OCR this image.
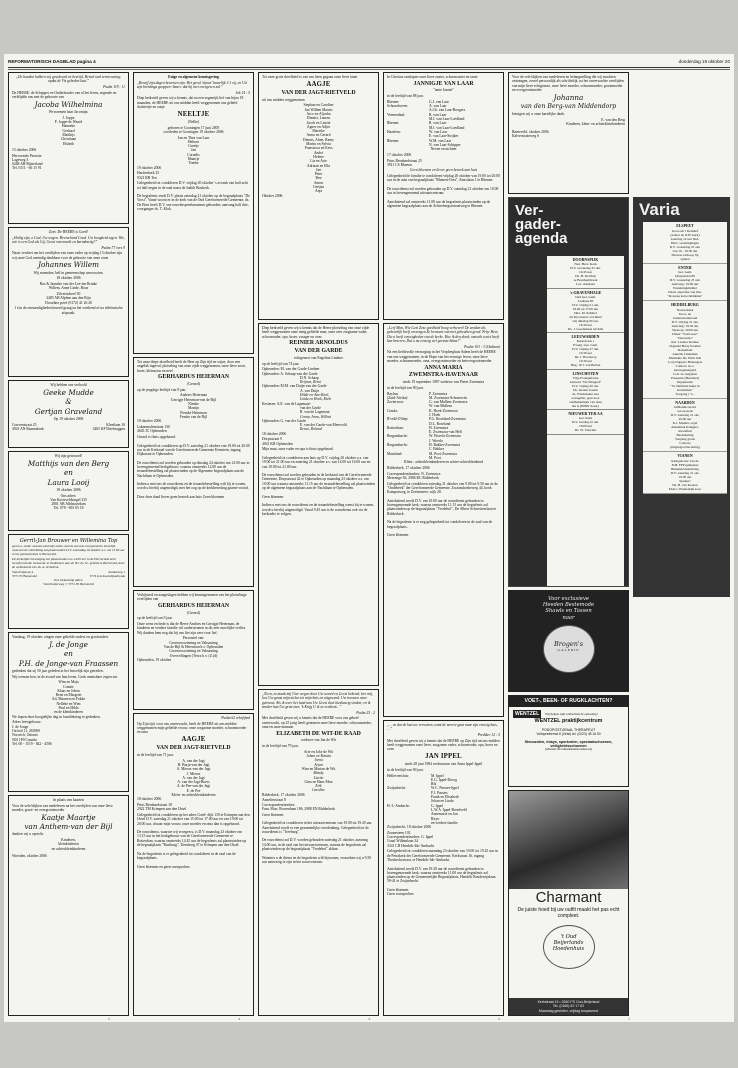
REFORMATORISCH DAGBLAD pagina 4	donderdag 19 oktober 20

„De banden hebben wij gescheurd en bevrijd, Hemel und vernieuwing; opdat de Vis gebeden laat.”

Psalm 119 : 11

De HEERE, de Schepper en Onderhouder van al het leven, zegende en verblijdde ons met de geboorte van

Jacoba Wilhelmina

We noemen haar Jacomijn.

J. Joppe
F. Joppe-de Waard
Hanneke
Gerhard
Matthijs
Christiaan
Elsbeth

15 oktober 2006

Hervormde Pastorie
Lageweg 3
6268 AH Bijsterland
Tel. 0111 - 66 15 91

Zoet. De HEERE is Goed!

„Heilig zijn, o God, Uw wegen. Heerschend Goed. Uw hoogheid tegen. Wie, wie is een God als Gij, Groot van macht en barmhartig?”

Psalm 77 vers 9

Naast verdriet om het overlijden van onze vader op vrijdag 13 oktober zijn wij onze God oneindig dankbaar voor de geboorte van onze zoon

Johannes Willem

Wij noemden Joël in gemeenschap onvoorzien.

18 oktober 2006

Bas & Janneke van der Lee-ten Brinke
Willem, Anne Linde, Boaz

Zilvertsdreef 50
2485 AB Alphen aan den Rijn
Dorothea privé (0172) 41 26 20

1 t/m de omstandigheden beroed graag na het weekend of na telefonische afspraak.

Wij hebben ons verloofd

Geeke Mudde
&
Gertjan Graveland

Op 19 oktober 2006

Cortvenstraat 25
4941 AN Raamsdonk
Kleetlaan 10
3465 KP Driebruggen

Wij zijn getrouwd!

Matthijs van den Berg
en
Laura Looij

18 oktober 2006

Ons adres:
Van Koetsveldsingel 235
2801 AB Alblasserdam
Tel. 078 - 693 05 18

Gerrit-Jan Brouwer en Willemina Top

geven u, onder zwenste zuid-bijs nathe, kennis van hun voorgenomen huwelijk, waarvan de voltrekking zal plaatsvinden D.V. woensdag 18 oktober a.s. om 13.00 uur in het gemeentehuis te Barneveld.

De kerkelijke bevestiging zal plaatsvinden om 14.00 uur in de Hervormde kerk Gereformeerde Gemeente te Oudebuurt aan de Ver. ds. Sc. geleide te Barneveld, door de welbekende hen ds. A. Schultink.

Vanaf Opdorp 4
3771 PJ Barneveld
Zuiderweg 1
3774 GA Kootwijkerbroek

Ons toekomstig adres:
Voorthuizerweg 7, 3772 PL Barneveld

Vandaag, 19 oktober, zingen onze geliefde ouders en grootouders

J. de Jonge
en
P.H. de Jonge-van Fraassen

gedenken dat zij 50 jaar geleden in het huwelijk zijn getreden.

Wij wensen hen, in de avond van hun leven, Gods onmisbare zegen toe.

Wim en Maja
Connie
Klaas en Johan
Rene en Margriet
Ad, Maarten en Fokke
Nelleke en Wim
Paul en Hilda
en de kleinkinderen

We hopen deze hoogtelijke dag in familiekring te gedenken.

Adres feestgebouw:
J. de Jonge
Oxford 11, 263969
Norwich, Ontario
N0J 1P0 Canada
Tel. 00 - 1519 - 842 - 4506

In plaats van kaarten

Voor de vele blijken van medeleven na het overlijden van onze lieve moeder, groot- en overgrootmoeder

Kaatje Maartje
van Anthem-van der Bijl

danken wij u oprecht.

Kinderen,
kleinkinderen
en achterkleinkinderen

Woerden, oktober 2006

Enige en algemene kennisgeving

„Bewijf zijn dagen bewenen zijn. Het geval 'zijnen' huwelijk 3:1 zij, en Uit zijn breidings geoppen- baart: dat hij niet overgeven zal.”

Job 14 : 5

Diep bedroefd geven wij u kennis, dat na een zegenrijk lief van bijna 18 maanden, de HEERE uit ons midden heeft weggenomen ons geliefd dochtertje en zusje

NEELTJE

(Nellie)

geboren te Groningen 17 juni 2005
overleden te Groningen 19 oktober 2006

Jan en Thea van Laar
Hebron
Greetje
Jan
Cornelis
Maartje
Tineke

19 oktober 2006

Hardenbork 25
9321 RB Ten

Gelegenheid tot condoleren D.V. vrijdag 20 oktober 's avonds van half acht tot half negen in de zaal naast de Judith Boukerk.

De begrafenis vindt D.V. plaats zaterdag 21 oktober op de begraafplaats "De Vorst". Vanaf woont er in de kerk van de Oud Gereformeerde Gemeente, ds. De Boer heeft D.V. ons rouwbespreekmoment gehouden, aanvang half drie, voorganger ds. T. Klok.

Tot onze diepe droefheid heeft de Heer op Zijn tijd en wijze, door een ongeluk ingeval, plotseling van onze zijde weggenomen, onze lieve zoon, broer, kleinzoon en neef

GERHARDUS HEIERMAN

(Gerard)

op de jeugdige leeftijd van 9 jaar.

Andries Heierman
Gerrigje Heierman-van de Bijl
Nienke
Martijn
Fiemke Heierman
Femke van de Bijl

19 oktober 2006

Lakenmolenstraat 130
4645 JC Opheusden

Gerard is thuis opgebaard.

Gelegenheid tot condoleren op D.V. zaterdag 21 oktober van 19.00 tot 20.00 uur in de Kerkzaal van de Gereformeerde Gemeente Eemstein, ingang Dijkstraat te Opheusden.

De rouwdienst zal worden gehouden op dinsdag 24 oktober om 14.00 uur in bovengenoemd kerkgebouw, waarna omstreeks 12.00 uur de teraardebestelling zal plaatsvinden op de Algemene begraafplaats aan de Nachtlaan te Opheusden.

Indien u met ons de rouwdienst en de teraardebestelling wilt bij te wonen, wordt u hierbij uitgenodigd, met het oog op de kerkbezetting gaarne vooraf.

Door deze daad liever geen bezoek aan huis Geen bloemen

Verbijsterd en aangeslagen hebben wij kennisgenomen van het plotselinge overlijden van

GERHARDUS HEIERMAN

(Gerard)

op de leeftijd van 9 jaar.

Onze wens en bede is dat de Heere Andries en Gerrigje Heierman, de kinderen en verdere familie wil ondersteunen in dit zeer moeilijke verlies. Wij danken hem nog dat hij ons liet zijn zeer voor lief.

Personeel van:
Groenvoorziening en Vaksauting
Van de Bijl & Heierman b.v. Opheusden
Groenvoorziening en Vaksauting
Overvellingen (Teora b.v. (Z.)d)

Opheusden, 19 oktober

Psalm 62 rebefijmd

Op Zijn tijd, voor ons onverwacht, heeft de HEERE uit ons midden weggenomen mijn geliefde vrouw, onze zorgzame moeder, schoonmoeder en oma

AAGJE
VAN DER JAGT-RIETVELD

in de leeftijd van 71 jaar.

A. van der Jagt
H. Burja-van der Jagt
A. Mieras-van der Jagt
J. Mieras
A. van der Jagt
A. van der Jagt-Boers
A. de Pee-van der Jagt
E. de Pee
Klein- en achterkleinkinderen

18 oktober 2006

Prins Bernhardstraat 18
2922 TM Krimpen aan den IJssel

Gelegenheid tot condoleren op het adres Goed- dijk 139 te Krimpen aan den IJssel D.V. zaterdag 21 oktober van 15.00 tot 17.00 uur en van 19.00 tot 20.00 uur, alwaar mijn vrouw, onze moeder en oma dan is opgebaard.

De rouwdienst, waartoe wij vroegen u, is D.V. maandag 23 oktober om 13.15 uur in het kerkgebouw van de Gereformeerde Gemeente te Rotterdam, waarna omstreeks 14.45 uur de begrafenis zal plaatsvinden op de begraafplaats "Rustburg", Tiendweg 47 te Krimpen aan den IJssel.

Na de begrafenis is er gelegenheid tot condoleren in de zaal van de begraafplaats.

Geen bloemen en geen rouwproben

Tot onze grote droefheid is van ons heen gegaan onze lieve tante

AAGJE
VAN DER JAGT-RIETVELD

uit ons midden weggenomen.

Stephan en Caroline
Jan Willem Maarts
Arco en Aljosha
Dimitri, Lauren
Jacob en Lisette
Agnes en Adjes
Marieke
Arma en Gerard
Dennis, Aline, Ramy
Martin en Sylvia
Fransissca en Kess
André
Helene
Lia en Arie
Adriaan en Ella
Jan
Peter
Ben
Anton
Gertjan
Anja

Oktober 2006

Diep bedroefd geven wij u kennis dat de Heere plotseling van onze zijde heeft weggenomen onze innig geliefde man, onze zeer zorgzame vader, schoonvader, opa, broer, zwager en oom

REINIER ARNOLDUS
VAN DER GARDE

echtgenoot van Engelina Lindner

op de leeftijd van 74 jaar.

Opheusden: M. van der Garde-Lindner
Opheusden: A. Schaap-van der Garde
D.N. Schaap
Krijnen, Reini
Opheusden: M.M. van Duijn-van der Garde
A. van Duijn
Hilde-en-Ans-Kirel,
Linda en Henk, Riels
Kesteren: A.E. van de Lagemaat-
van der Garde
R. van de Lagemaat
Cenna, Arna, Willent
Opheusden: G. van der Garde
E. van der Garde-van Meervold
Renco, Roland

18 oktober 2006

Dorpsstraat 9
4041 KR Opheusden

Mijn man, onze vader en opa is thuis opgebaard.

Gelegenheid tot condoleren aan huis op D.V. vrijdag 20 oktober a.s. van 19.00 tot 21.00 uur en zaterdag 21 oktober a.s. van 14.00 tot 16.00 uur en van 19.00 tot 21.00 uur.

De rouwdienst zal worden gehouden in de kerkzaal van de Gereformeerde Gemeente, Dorpsstraat 42 te Opheusden op maandag 23 oktober a.s. om 10.00 uur waarna omstreeks 11.15 uur de teraardebestelling zal plaatsvinden op de algemene begraafplaats aan de Nachtlaan te Opheusden.

Geen bloemen

Indien u met ons de rouwdienst en de teraardebestelling wenst bij te wonen, wordt u hierbij uitgenodigd. Vanaf 9.45 uur is de rouwdienst ook via de kerkradio te volgen.

„Neen, zo maak mij Uwe wegen door Uw woord en Geest bekend; leer mij, hoe Uw gunst mijn zielen tot mijn huis en uitgewend. Uw troosten ware getroost: Als ik weer het land aan Uw Geest doet kieskeurig vinden; en ik zonder hun Uw grim zien. 'k Krijg U ik zo verdient...”

Psalm 25 : 2

Met droefheid geven wij u kennis dat de HEERE voor ons geheel onverwacht, op 25 jarig heeft genomen onze lieve moeder, schoonmoeder, oma en onze mamaat

ELIZABETH DE WIT-DE RAAD

weduwe van Jan de Wit

in de leeftijd van 79 jaar.

Arie en Joke de Wit
Johan en Renata
Jorna
Arjan
Wim en Marian de Wit
Mandy
Lisette
Gina en Hans Mon
Erik
Caroline

Ridderkerk, 17 oktober 2006

Anneliesstraat 8
Correspondentieadres:
Fam. Mon, Rossenlaan 186, 2988 EN Ridderkerk

Geen bloemen

Gelegenheid tot condoleren in het uitvaartcentrum van 19.00 tot 19.45 uur. Aansluitend wordt er een gezamenlijke overdenking. Gelegenheid tot de rouwdienst is "Treeburg".

De rouwdienst zal D.V. worden gehouden zaterdag 21 oktober, aanvang 14.00 uur, in de zaal van het uitvaartcentrum, waarna de begrafenis zal plaatsvinden op de begraafplaats "Vredehof" aldaar.

Wanneer u de dienst en de begrafenis wilt bijwonen, verzoeken wij u 9.50 uur aanwezig te zijn in het rouwcentrum.

In Christus ontslapen onze lieve zuster, schoonzuster en tante

JANNIGJE VAN LAAR

"tante Jannie"

in de leeftijd van 88 jaar.

Rhenen:	G.J. van Laar
Schoonhoven:	A. van Laar
A.Ch. van Laar-Boogers
Veenendaal:	R. van Laar
M.I. van Laar-Loedland
Rhenen:	R. van Laar
M.I. van Laar-Loedland
Haarlem:	W. van Laar
E. van Laar-Strijker
Rhenen:	W.M. van Laar
N. van Laar-Schipper

Neven en nichten

17 oktober 2006

Prins Bernhardstraat 25
3911 CS Rhenen

Geen bloemen en liever geen bezoek aan huis

Gelegenheid de familie te condoleren vrijdag 20 oktober van 19.00 tot 20.00 uur in de aula van begraafplaats "Rhenen-Oost", Amrolaan 1 te Rhenen.

De rouwdienst zal worden gehouden op D.V. zaterdag 21 oktober om 10.00 uur in bovengenoemd uitvaartcentrum.

Aansluitend zal omstreeks 11.00 uur de begrafenis plaatsvinden op de algemene begraafplaats aan de Achterbergsestraatweg te Rhenen.

„Leef Mon, Wie Gezi Zeze goedheid hoog verheven! De zenden als gebeurlijk heeft verzorgen Ze bewaart van niet gebruiken geval. Prije Heer, Die u heeft eeuwigheden van de kerke. Hoe ik den dood; smooth u niet heeft kan broeren, Dat u na eeuwig wel geruste blaas!”

Psalm 103 : 3 (Outbum)

Na een liefdevolle verzorging in het Verpleeghuis Salem heeft de HEERE van ons weggenomen, in de Hope van het eeuwige leven, onze lieve moeder, schoonmoeder, oma, overgrootmoeder en betovergrootmoeder

ANNA MARIA
ZWEMSTRA-HAVENAAR

sinds 19 september 1987 weduwe van Pieter Zwemstra

in de leeftijd van 90 jaar.

Bayhus
(Zuid-Afrika):
P. Zwemstra
M. Zwemstra-Schonewits
Zoeterwou:	G. van Mullem-Zwemstra
W. van Mullem
Gouda:	K. Hoek-Zwemstra
J. Hoek
B'veld-O'diep:	P.G. Roseland-Zwemstra
D.L. Roseland
Rotterdam:	H. Zwemstra
E. Zwemstra-van Hell
Bergambacht:	W. Woerlo-Zwemstra
J. Woerlo
Bergambacht:	H. Bakker-Zwemstra
C. Bakker
Maasland:	M. Poot-Zwemstra
M. Poot

Klein-, achterkleinkinderen en achter-achterkleinkind

Ridderkerk, 17 oktober 2006

Correspondentieadres: N. Zwemstra
Meerenge 56, 2986 RC Ridderkerk

Gelegenheid tot condoleren zaterdag 21 oktober van 9.00 tot 9.50 uur in de "Ondebeek" der Gereformeerde Gemeente, Zwaanshoekeweg 44, hoek Kompasweg, te Zoetermeer, wijk 28.

Aansluitend wordt D.V. om 10.00 uur de rouwdienst gehouden in bovengenoemde kerk, waarna omstreeks 11.15 uur de begrafenis zal plaatsvinden op de begraafplaats "Vredehof", De Albert Schweitzerlaan te Ridderkerk.

Na de begrafenis is er nog gelegenheid tot condoleren in de zaal van de begraafplaats.

Geen bloemen

„... en dat de last uw verwaren, want de merrie gaat naar zijn eeuwig huis, ...”

Prediker 12 : 5

Met droefheid geven wij u kennis dat de HEERE op Zijn tijd uit ons midden heeft weggenomen onze lieve, zorgzame vader, schoonvader, opa, broer en oom

JAN IPPEL

sinds 28 juni 1984 weduwnaar van Anna Ippel-Ippel

in de leeftijd van 90 jaar.

Hellevoetsluis:	M. Ippel
E.G. Ippel-Droog
Rik
Zwijndrecht:	W.C. Passies-Ippel
F.J. Passies
Frank en Elisabeth
Johan en Linda
H.-I.-Ambacht:	G. Ippel
L.W.A. Ippel-Breedveld
Annemarie en Jan
Riryo
en verdere familie

Zwijndrecht, 18 oktober 2006

Zonnesteen 102
Correspondentieadres: G. Ippel
Graaf Willemlaan 34
3341 CB Hendrik-Ido-Ambacht

Gelegenheid tot condoleren maandag 23 oktober van 19.00 tot 19.25 uur in de Petrakerk der Gereformeerde Gemeente, Kerkstraat 16, ingang Thorbeckestraat, te Hendrik-Ido-Ambacht.

Aansluitend wordt D.V. om 19.30 uur de rouwdienst gehouden in bovengenoemde kerk, waarna omstreeks 11.00 uur de begrafenis zal plaatsvinden op de Gemeentelijke Begraafplaats, Hendrik Boudewijnlaan 39-41 te Zwijndrecht.

Geen bloemen
Geen rouwproben

Voor de vele blijken van medeleven en belangstelling die wij mochten ontvangen, zowel persoonlijk als schriftelijk, na het onverwachte overlijden van mijn lieve echtgenote, onze lieve moeder, schoonmoeder, grootmoeder en overgrootmoeder

Johanna
van den Berg-van Middendorp

betuigen wij u onze hartelijke dank.

E. van den Berg
Kinderen, klein- en achterkleinkinderen

Barneveld, oktober 2006
Kalverstrateweg 6

Ver-
gader-
agenda
DOORNSPIJK
Ned. Herv. Kerk
D.V. woensdag 25 okt.
19.45 uur
Ds. H. Rolvink
se Bourhembraak
Lev. Adadaan
's-GRAVENHAGE
Oud Ger. Gem.
Laakana 82
D.V. vrijdag 21 okt.
18.00 en 17.00 uur
Dirs. M. Paltmol
uit Kloosteras ord mind
vrij dinsdag 00 okt.
18.30 uur
Ds. J. Goedemaas uit Kils
LEEUWARDEN
Kerkstrook 1
Evang. Ger. Gem.
D.V. vrijdag 27 okt.
19.30 uur
Ds. J. Hoederop
19.30 uur
Hug. 19 J. van Berlan
LINSCHOTEN
Vrije Evangelische
Gebouw "De Wingerd"
D.V. vrijdag 20 okt.
Ds. duolen waarin
ds. Wiedenaker een
evangelist, gaat door
onafhankelijke van deze
Re is (BINN doest)
NIEUWER TER AA
Ger. Kerk
D.V. zondag 22 okt.
18.00 uur
Ds. W. Visscher
Voor exclusieve
Heeden Bestemode
Shawls en Tassen
naar
Brogen's
GALERIE
VOET-, BEEN- OF RUGKLACHTEN?
WENTZEL	Wij helpen rum u Maschen de oplossing!
WENTZEL praktijkcentrum
PODOPOSTURAAL THERAPEUT
Voltopredlemst 8 (Zeist) tel. (0223) 48 16 50
Steunzolen, inlays, sportzolen, speciaalschoenen, veiligheidsschoenen
(behandel alle bekkenhandelen enmercen)
Charmant
De juiste hoed bij uw outfit maakt het pas echt compleet.
't Oud
Beijerlands
Hoedenhuis
Kerkstraat 19 • 3260 PS Oud-Beijerland
Tel. (0186) 62 17 62
Maandag gesloten, vrijdag koopavond
Varia
ELSPEET
In en om 't Kerkhof
(achter de N.H. kerk)
zaterdag 14 uur Ned.
Herv. vereningingen
D.V. woensdag 25 okt.
van 10 - 19.30 uur
Diverse verkoop bij
ophaal
ENTER
Ger. Gem.
Dorpsstraat 89
D.V. woensdag 25 okt.
Aanvang: 19.00 uur
Pasteiningmiddel
Daan: expertise van mw.
"Rowena korte middelen"
HEDDELBURG
Noeze-Kerk
Koor- en
vennerwiemerond
D.V. vrijdag 21 okt.
Aanvang: 19.30 uur
Verkoop: 20.00 uur
Uitker "Voetvoere"
"Deeverko"
m.h. Lasiere Kramer
Organist Harry Kramer
Donselbelt
Annelie Lindeman
Meditatie Ds. Elim Jedi
Corp Nuppers Hennegers
Collecte t.b.v.
nieuwgeneugerd
Coll. 2e ontyphus
Passeetin (Bestrand)
Organisatie:
"St. Definitie helpt in
Kommisie"
Toegang ƒ 5,-
NAARDEN
Jubileumconcert
Groot-kerk
D.V. zaterdag 21 okt.
20.00 uur
K.J. Mulder, orgel
Annemiek Kringers,
dwarsfluit
Basisinering
Toegang gratis
Collecte
(uitgangscollectering)
VIANEN
Kerkgebouw van de
N.H. FPP gemeente
Buitenstratedeelwkg
D.V. zaterdag 21 okt.
19.30 uur
Spreker:
Ds. B. van Kooten
M.m.v. Plantenrijk koor
5	4	3	2	1
